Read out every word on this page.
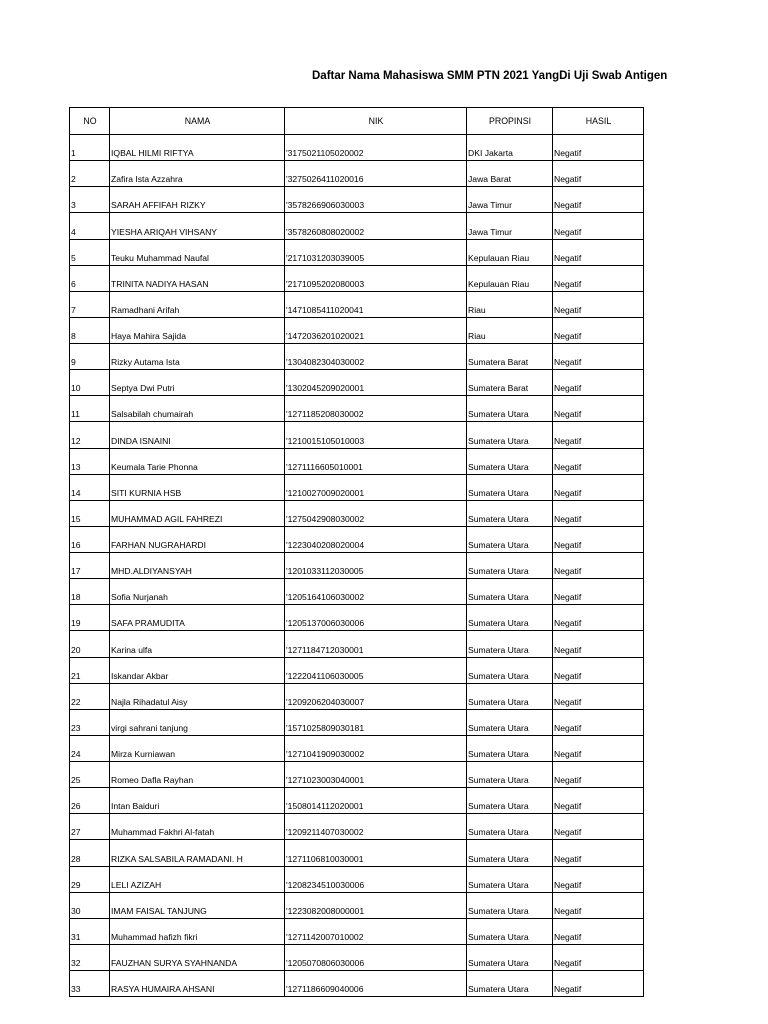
Daftar Nama Mahasiswa SMM PTN 2021 YangDi Uji Swab Antigen
NO	NAMA	NIK	PROPINSI	HASIL
1	IQBAL HILMI RIFTYA	'3175021105020002	DKI Jakarta	Negatif
2	Zafira Ista Azzahra	'3275026411020016	Jawa Barat	Negatif
3	SARAH AFFIFAH RIZKY	'3578266906030003	Jawa Timur	Negatif
4	YIESHA ARIQAH VIHSANY	'3578260808020002	Jawa Timur	Negatif
5	Teuku Muhammad Naufal	'2171031203039005	Kepulauan Riau	Negatif
6	TRINITA NADIYA HASAN	'2171095202080003	Kepulauan Riau	Negatif
7	Ramadhani Arifah	'1471085411020041	Riau	Negatif
8	Haya Mahira Sajida	'1472036201020021	Riau	Negatif
9	Rizky Autama Ista	'1304082304030002	Sumatera Barat	Negatif
10	Septya Dwi Putri	'1302045209020001	Sumatera Barat	Negatif
11	Salsabilah chumairah	'1271185208030002	Sumatera Utara	Negatif
12	DINDA ISNAINI	'1210015105010003	Sumatera Utara	Negatif
13	Keumala Tarie Phonna	'1271116605010001	Sumatera Utara	Negatif
14	SITI KURNIA HSB	'1210027009020001	Sumatera Utara	Negatif
15	MUHAMMAD AGIL FAHREZI	'1275042908030002	Sumatera Utara	Negatif
16	FARHAN NUGRAHARDI	'1223040208020004	Sumatera Utara	Negatif
17	MHD.ALDIYANSYAH	'1201033112030005	Sumatera Utara	Negatif
18	Sofia Nurjanah	'1205164106030002	Sumatera Utara	Negatif
19	SAFA PRAMUDITA	'1205137006030006	Sumatera Utara	Negatif
20	Karina ulfa	'1271184712030001	Sumatera Utara	Negatif
21	Iskandar Akbar	'1222041106030005	Sumatera Utara	Negatif
22	Najla Rihadatul Aisy	'1209206204030007	Sumatera Utara	Negatif
23	virgi sahrani tanjung	'1571025809030181	Sumatera Utara	Negatif
24	Mirza Kurniawan	'1271041909030002	Sumatera Utara	Negatif
25	Romeo Dafla Rayhan	'1271023003040001	Sumatera Utara	Negatif
26	Intan Baiduri	'1508014112020001	Sumatera Utara	Negatif
27	Muhammad Fakhri Al-fatah	'1209211407030002	Sumatera Utara	Negatif
28	RIZKA SALSABILA RAMADANI. H	'1271106810030001	Sumatera Utara	Negatif
29	LELI AZIZAH	'1208234510030006	Sumatera Utara	Negatif
30	IMAM FAISAL TANJUNG	'1223082008000001	Sumatera Utara	Negatif
31	Muhammad hafizh fikri	'1271142007010002	Sumatera Utara	Negatif
32	FAUZHAN SURYA SYAHNANDA	'1205070806030006	Sumatera Utara	Negatif
33	RASYA HUMAIRA AHSANI	'1271186609040006	Sumatera Utara	Negatif
